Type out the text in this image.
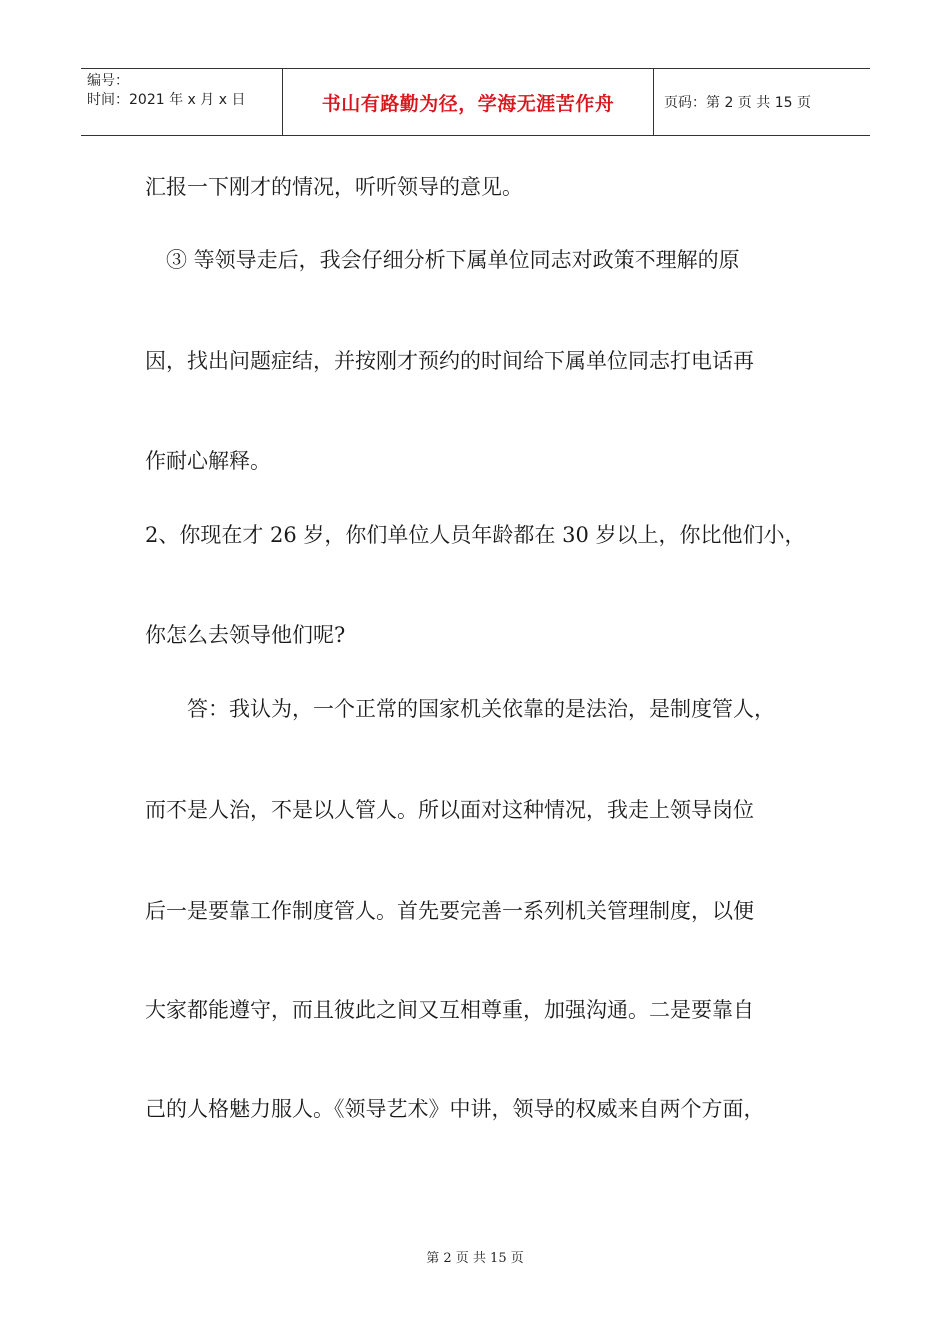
编号：
时间：2021 年 x 月 x 日	书山有路勤为径，学海无涯苦作舟	页码：第 2 页 共 15 页
汇报一下刚才的情况，听听领导的意见。
　③ 等领导走后，我会仔细分析下属单位同志对政策不理解的原
因，找出问题症结，并按刚才预约的时间给下属单位同志打电话再
作耐心解释。
2、你现在才 26 岁，你们单位人员年龄都在 30 岁以上，你比他们小，
你怎么去领导他们呢?
　　答：我认为，一个正常的国家机关依靠的是法治，是制度管人，
而不是人治，不是以人管人。所以面对这种情况，我走上领导岗位
后一是要靠工作制度管人。首先要完善一系列机关管理制度，以便
大家都能遵守，而且彼此之间又互相尊重，加强沟通。二是要靠自
己的人格魅力服人。《领导艺术》中讲，领导的权威来自两个方面，
第 2 页 共 15 页
